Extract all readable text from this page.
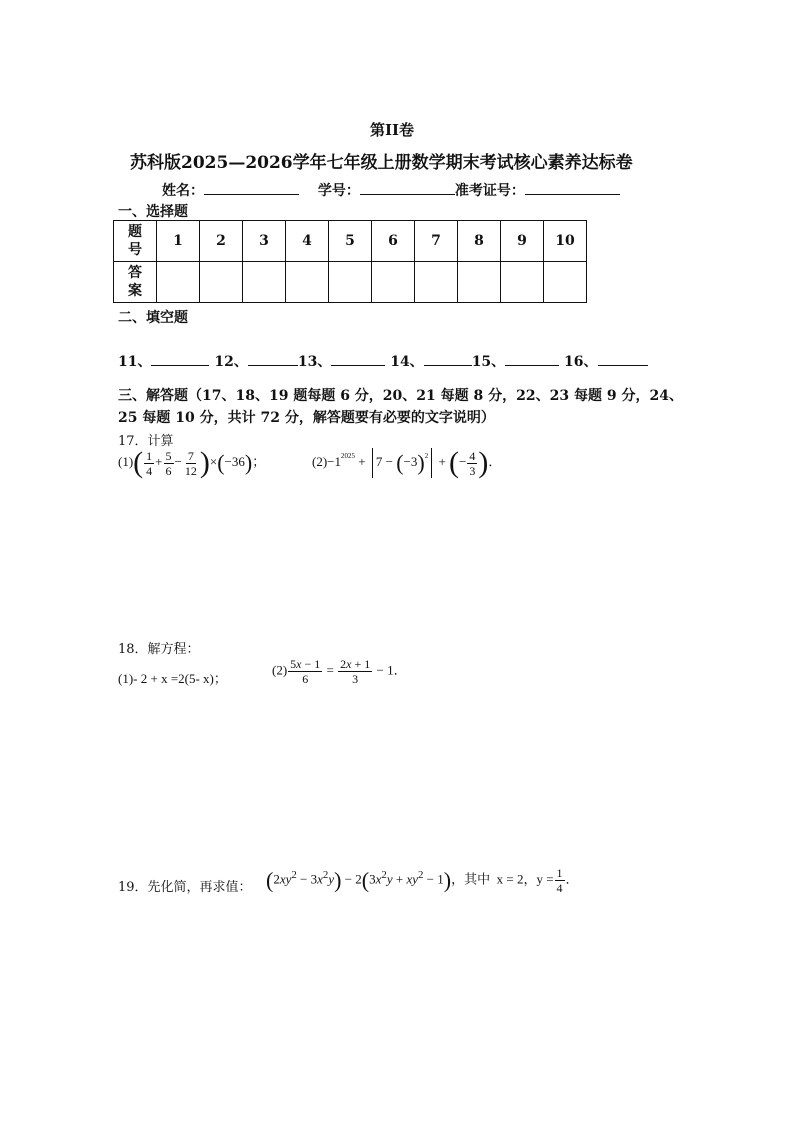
第II卷
苏科版2025—2026学年七年级上册数学期末考试核心素养达标卷
姓名：	学号：	准考证号：
一、选择题
题号	1	2	3	4	5	6	7	8	9	10

答案										

二、填空题
11、	12、	13、	14、	15、	16、
三、解答题（17、18、19 题每题 6 分，20、21 每题 8 分，22、23 每题 9 分，24、
25 每题 10 分，共计 72 分，解答题要有必要的文字说明）
17．计算
$(1)( \frac{1}{4} + \frac{5}{6} - \frac{7}{12} )\times(-36)$；	$(2)-1^{2025} + 7 - (-3)^2$ + (− $\frac{4}{3}$ )．
18．解方程：
(1)- 2 + x =2(5- x)；
$(2) \frac{5x - 1}{6} = \frac{2x + 1}{3} - 1$．
19．先化简，再求值： $(2xy^2 - 3x^2y) - 2(3x^2y + xy^2 - 1)$，其中 x = 2，$y = \frac{1}{4}$ ．
